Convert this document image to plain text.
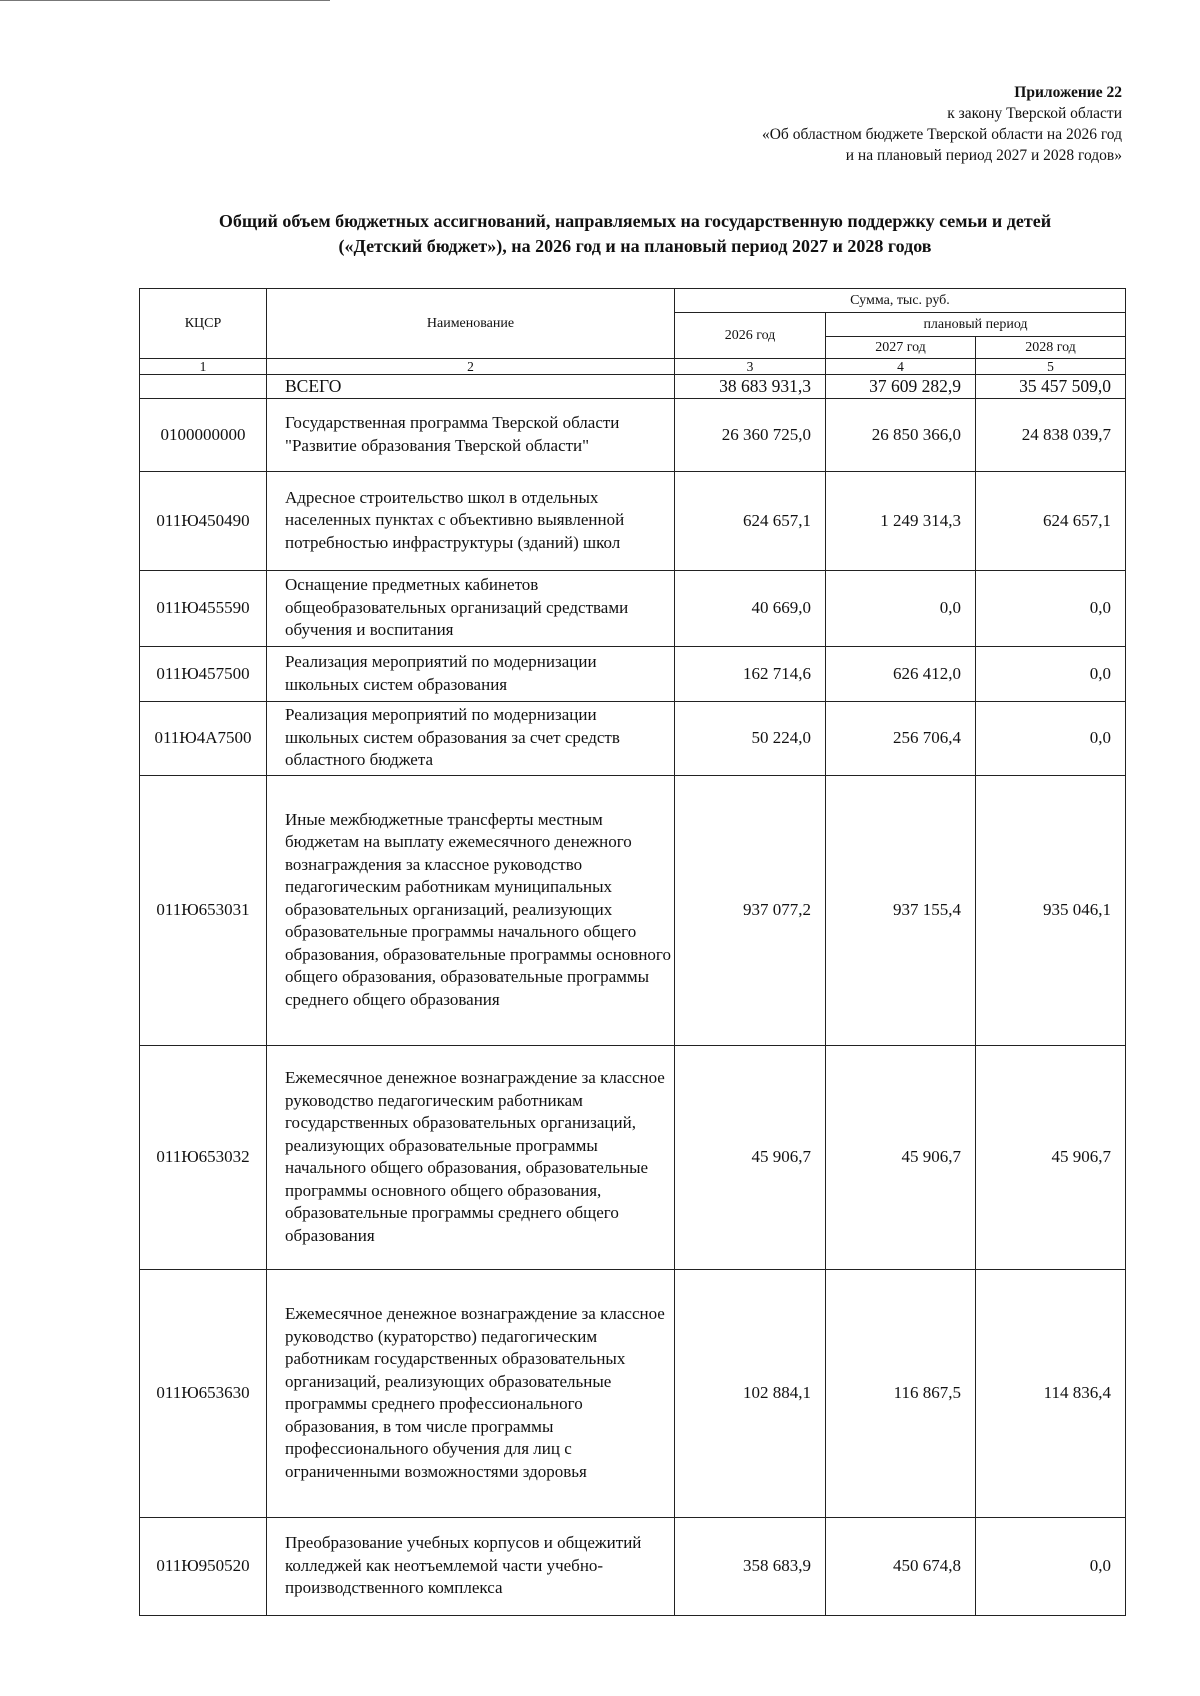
Приложение 22
к закону Тверской области
«Об областном бюджете Тверской области на 2026 год
и на плановый период 2027 и 2028 годов»
Общий объем бюджетных ассигнований, направляемых на государственную поддержку семьи и детей
(«Детский бюджет»), на 2026 год и на плановый период 2027 и 2028 годов
КЦСР	Наименование	Сумма, тыс. руб.		
		2026 год	плановый период	
			2027 год	2028 год
1	2	3	4	5
	ВСЕГО	38 683 931,3	37 609 282,9	35 457 509,0
0100000000	Государственная программа Тверской области "Развитие образования Тверской области"	26 360 725,0	26 850 366,0	24 838 039,7
011Ю450490	Адресное строительство школ в отдельных населенных пунктах с объективно выявленной потребностью инфраструктуры (зданий) школ	624 657,1	1 249 314,3	624 657,1
011Ю455590	Оснащение предметных кабинетов общеобразовательных организаций средствами обучения и воспитания	40 669,0	0,0	0,0
011Ю457500	Реализация мероприятий по модернизации школьных систем образования	162 714,6	626 412,0	0,0
011Ю4А7500	Реализация мероприятий по модернизации школьных систем образования за счет средств областного бюджета	50 224,0	256 706,4	0,0
011Ю653031	Иные межбюджетные трансферты местным бюджетам на выплату ежемесячного денежного вознаграждения за классное руководство педагогическим работникам муниципальных образовательных организаций, реализующих образовательные программы начального общего образования, образовательные программы основного общего образования, образовательные программы среднего общего образования	937 077,2	937 155,4	935 046,1
011Ю653032	Ежемесячное денежное вознаграждение за классное руководство педагогическим работникам государственных образовательных организаций, реализующих образовательные программы начального общего образования, образовательные программы основного общего образования, образовательные программы среднего общего образования	45 906,7	45 906,7	45 906,7
011Ю653630	Ежемесячное денежное вознаграждение за классное руководство (кураторство) педагогическим работникам государственных образовательных организаций, реализующих образовательные программы среднего профессионального образования, в том числе программы профессионального обучения для лиц с ограниченными возможностями здоровья	102 884,1	116 867,5	114 836,4
011Ю950520	Преобразование учебных корпусов и общежитий колледжей как неотъемлемой части учебно-производственного комплекса	358 683,9	450 674,8	0,0
